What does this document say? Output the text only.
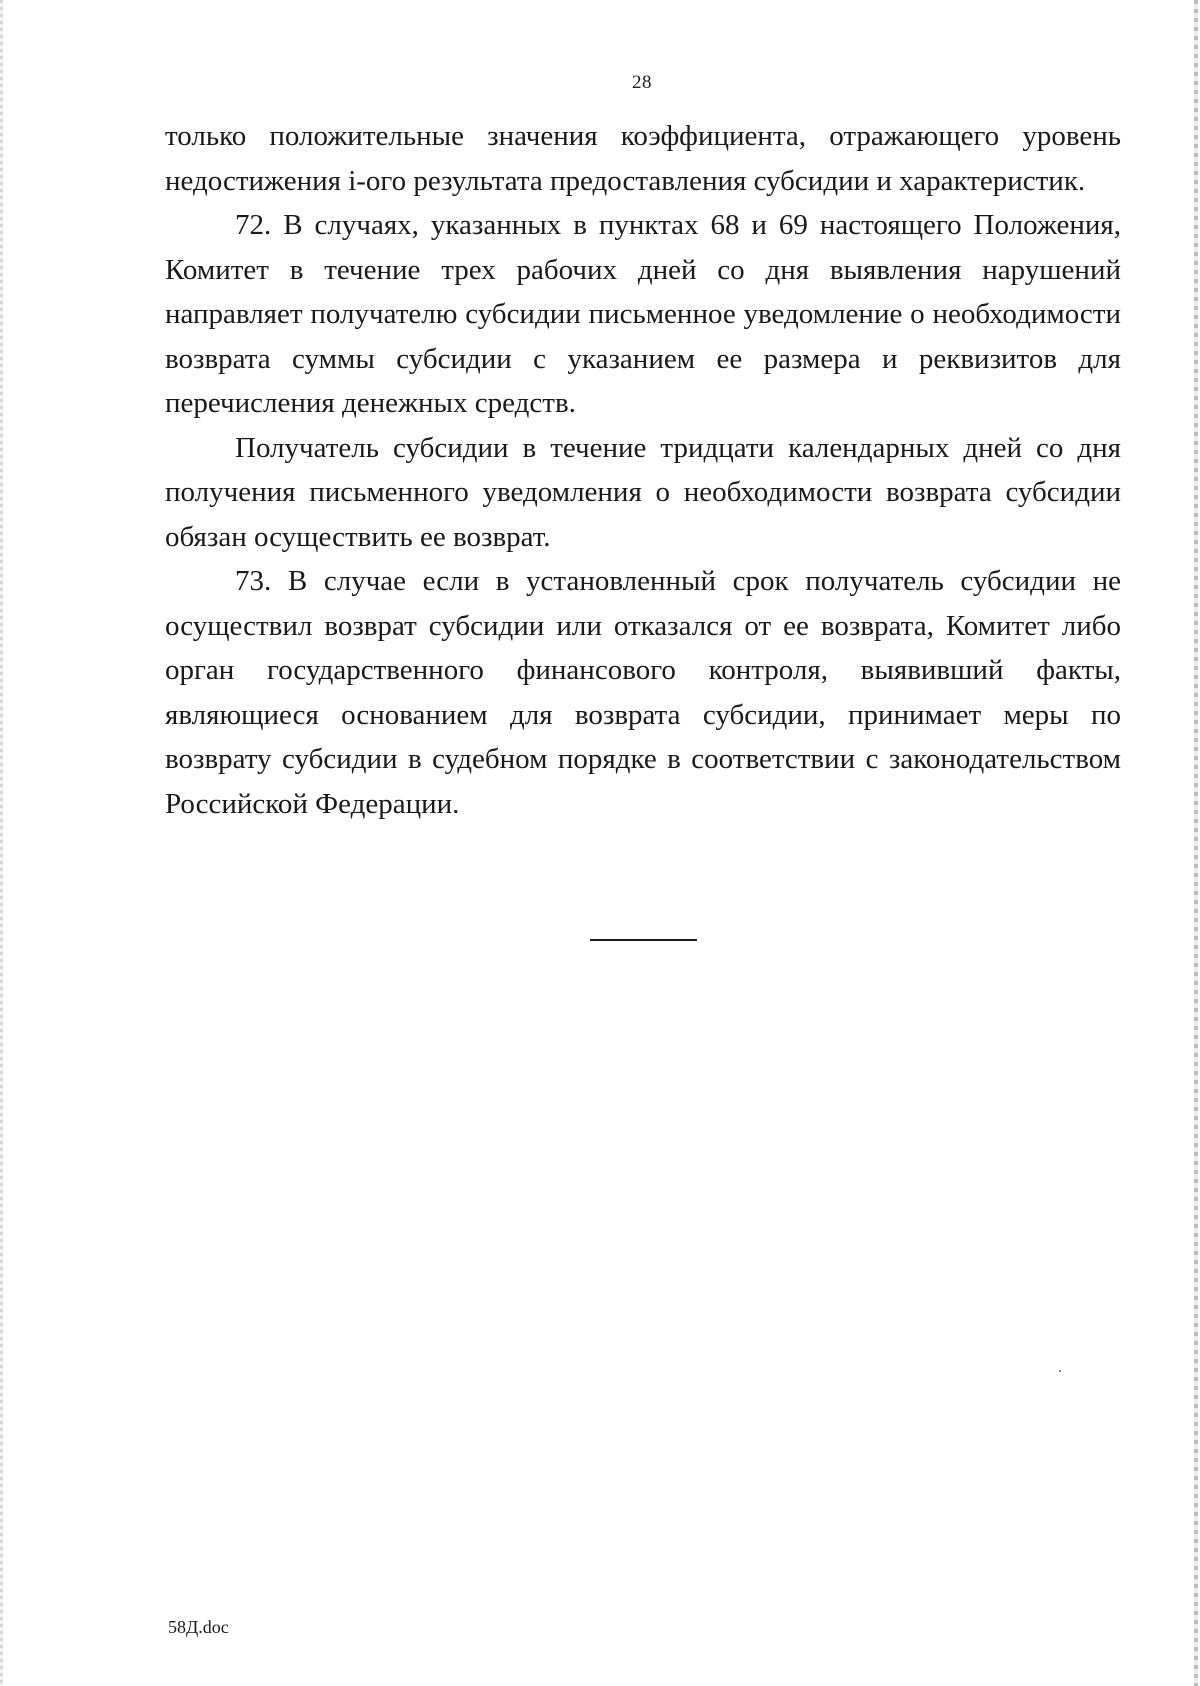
28

только положительные значения коэффициента, отражающего уровень недостижения i-ого результата предоставления субсидии и характеристик.

72. В случаях, указанных в пунктах 68 и 69 настоящего Положения, Комитет в течение трех рабочих дней со дня выявления нарушений направляет получателю субсидии письменное уведомление о необходимости возврата суммы субсидии с указанием ее размера и реквизитов для перечисления денежных средств.

Получатель субсидии в течение тридцати календарных дней со дня получения письменного уведомления о необходимости возврата субсидии обязан осуществить ее возврат.

73. В случае если в установленный срок получатель субсидии не осуществил возврат субсидии или отказался от ее возврата, Комитет либо орган государственного финансового контроля, выявивший факты, являющиеся основанием для возврата субсидии, принимает меры по возврату субсидии в судебном порядке в соответствии с законодательством Российской Федерации.

58Д.doc
